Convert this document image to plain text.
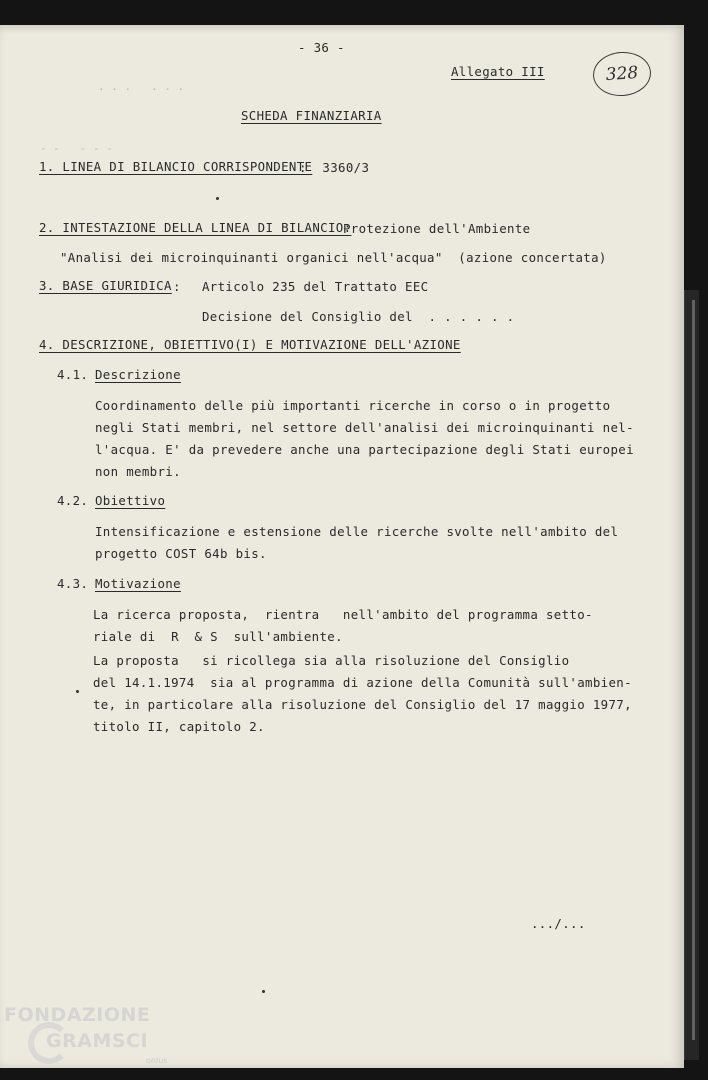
. . .   . . .
- -   - - -
- 36 -
Allegato III	328
SCHEDA FINANZIARIA
1. LINEA DI BILANCIO CORRISPONDENTE
:  3360/3
2. INTESTAZIONE DELLA LINEA DI BILANCIO:
Protezione dell'Ambiente
"Analisi dei microinquinanti organici nell'acqua"  (azione concertata)
3. BASE GIURIDICA : Articolo 235 del Trattato EEC
Decisione del Consiglio del  . . . . . .
4. DESCRIZIONE, OBIETTIVO(I) E MOTIVAZIONE DELL'AZIONE
4.1. Descrizione
Coordinamento delle più importanti ricerche in corso o in progetto
negli Stati membri, nel settore dell'analisi dei microinquinanti nel-
l'acqua. E' da prevedere anche una partecipazione degli Stati europei
non membri.
4.2. Obiettivo
Intensificazione e estensione delle ricerche svolte nell'ambito del
progetto COST 64b bis.
4.3. Motivazione
La ricerca proposta,  rientra   nell'ambito del programma setto-
riale di  R  & S  sull'ambiente.
La proposta   si ricollega sia alla risoluzione del Consiglio
del 14.1.1974  sia al programma di azione della Comunità sull'ambien-
te, in particolare alla risoluzione del Consiglio del 17 maggio 1977,
titolo II, capitolo 2.
.../...
FONDAZIONE
GRAMSCI
onlus
